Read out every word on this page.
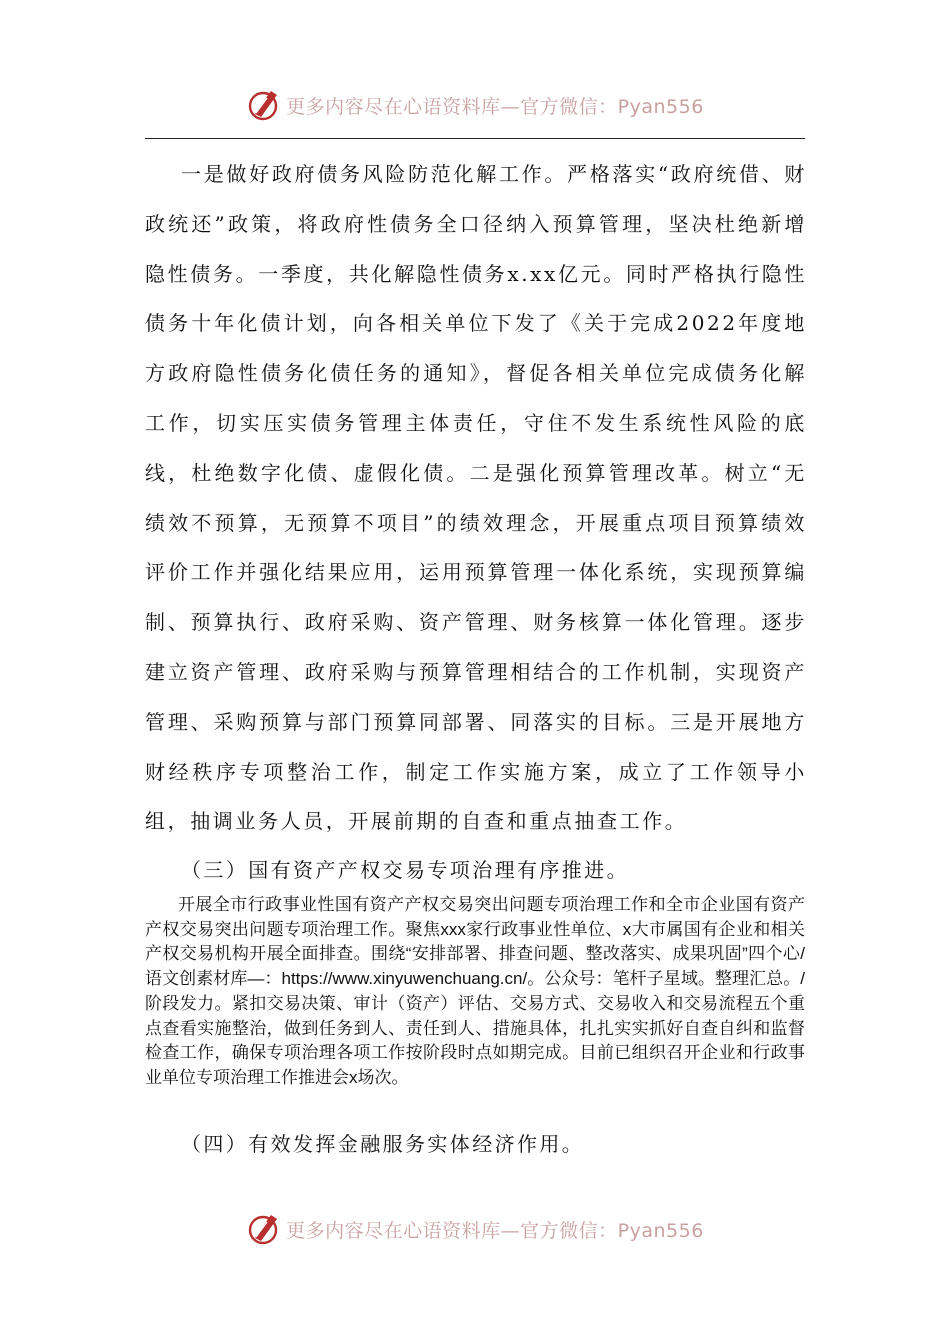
更多内容尽在心语资料库—官方微信：Pyan556

一是做好政府债务风险防范化解工作。严格落实“政府统借、财政统还”政策，将政府性债务全口径纳入预算管理，坚决杜绝新增隐性债务。一季度，共化解隐性债务x.xx亿元。同时严格执行隐性债务十年化债计划，向各相关单位下发了《关于完成2022年度地方政府隐性债务化债任务的通知》，督促各相关单位完成债务化解工作，切实压实债务管理主体责任，守住不发生系统性风险的底线，杜绝数字化债、虚假化债。二是强化预算管理改革。树立“无绩效不预算，无预算不项目”的绩效理念，开展重点项目预算绩效评价工作并强化结果应用，运用预算管理一体化系统，实现预算编制、预算执行、政府采购、资产管理、财务核算一体化管理。逐步建立资产管理、政府采购与预算管理相结合的工作机制，实现资产管理、采购预算与部门预算同部署、同落实的目标。三是开展地方财经秩序专项整治工作，制定工作实施方案，成立了工作领导小组，抽调业务人员，开展前期的自查和重点抽查工作。

（三）国有资产产权交易专项治理有序推进。

开展全市行政事业性国有资产产权交易突出问题专项治理工作和全市企业国有资产产权交易突出问题专项治理工作。聚焦xxx家行政事业性单位、x大市属国有企业和相关产权交易机构开展全面排查。围绕“安排部署、排查问题、整改落实、成果巩固”四个心/语文创素材库—：https://www.xinyuwenchuang.cn/。公众号：笔杆子星域。整理汇总。/阶段发力。紧扣交易决策、审计（资产）评估、交易方式、交易收入和交易流程五个重点查看实施整治，做到任务到人、责任到人、措施具体，扎扎实实抓好自查自纠和监督检查工作，确保专项治理各项工作按阶段时点如期完成。目前已组织召开企业和行政事业单位专项治理工作推进会x场次。

（四）有效发挥金融服务实体经济作用。

更多内容尽在心语资料库—官方微信：Pyan556
